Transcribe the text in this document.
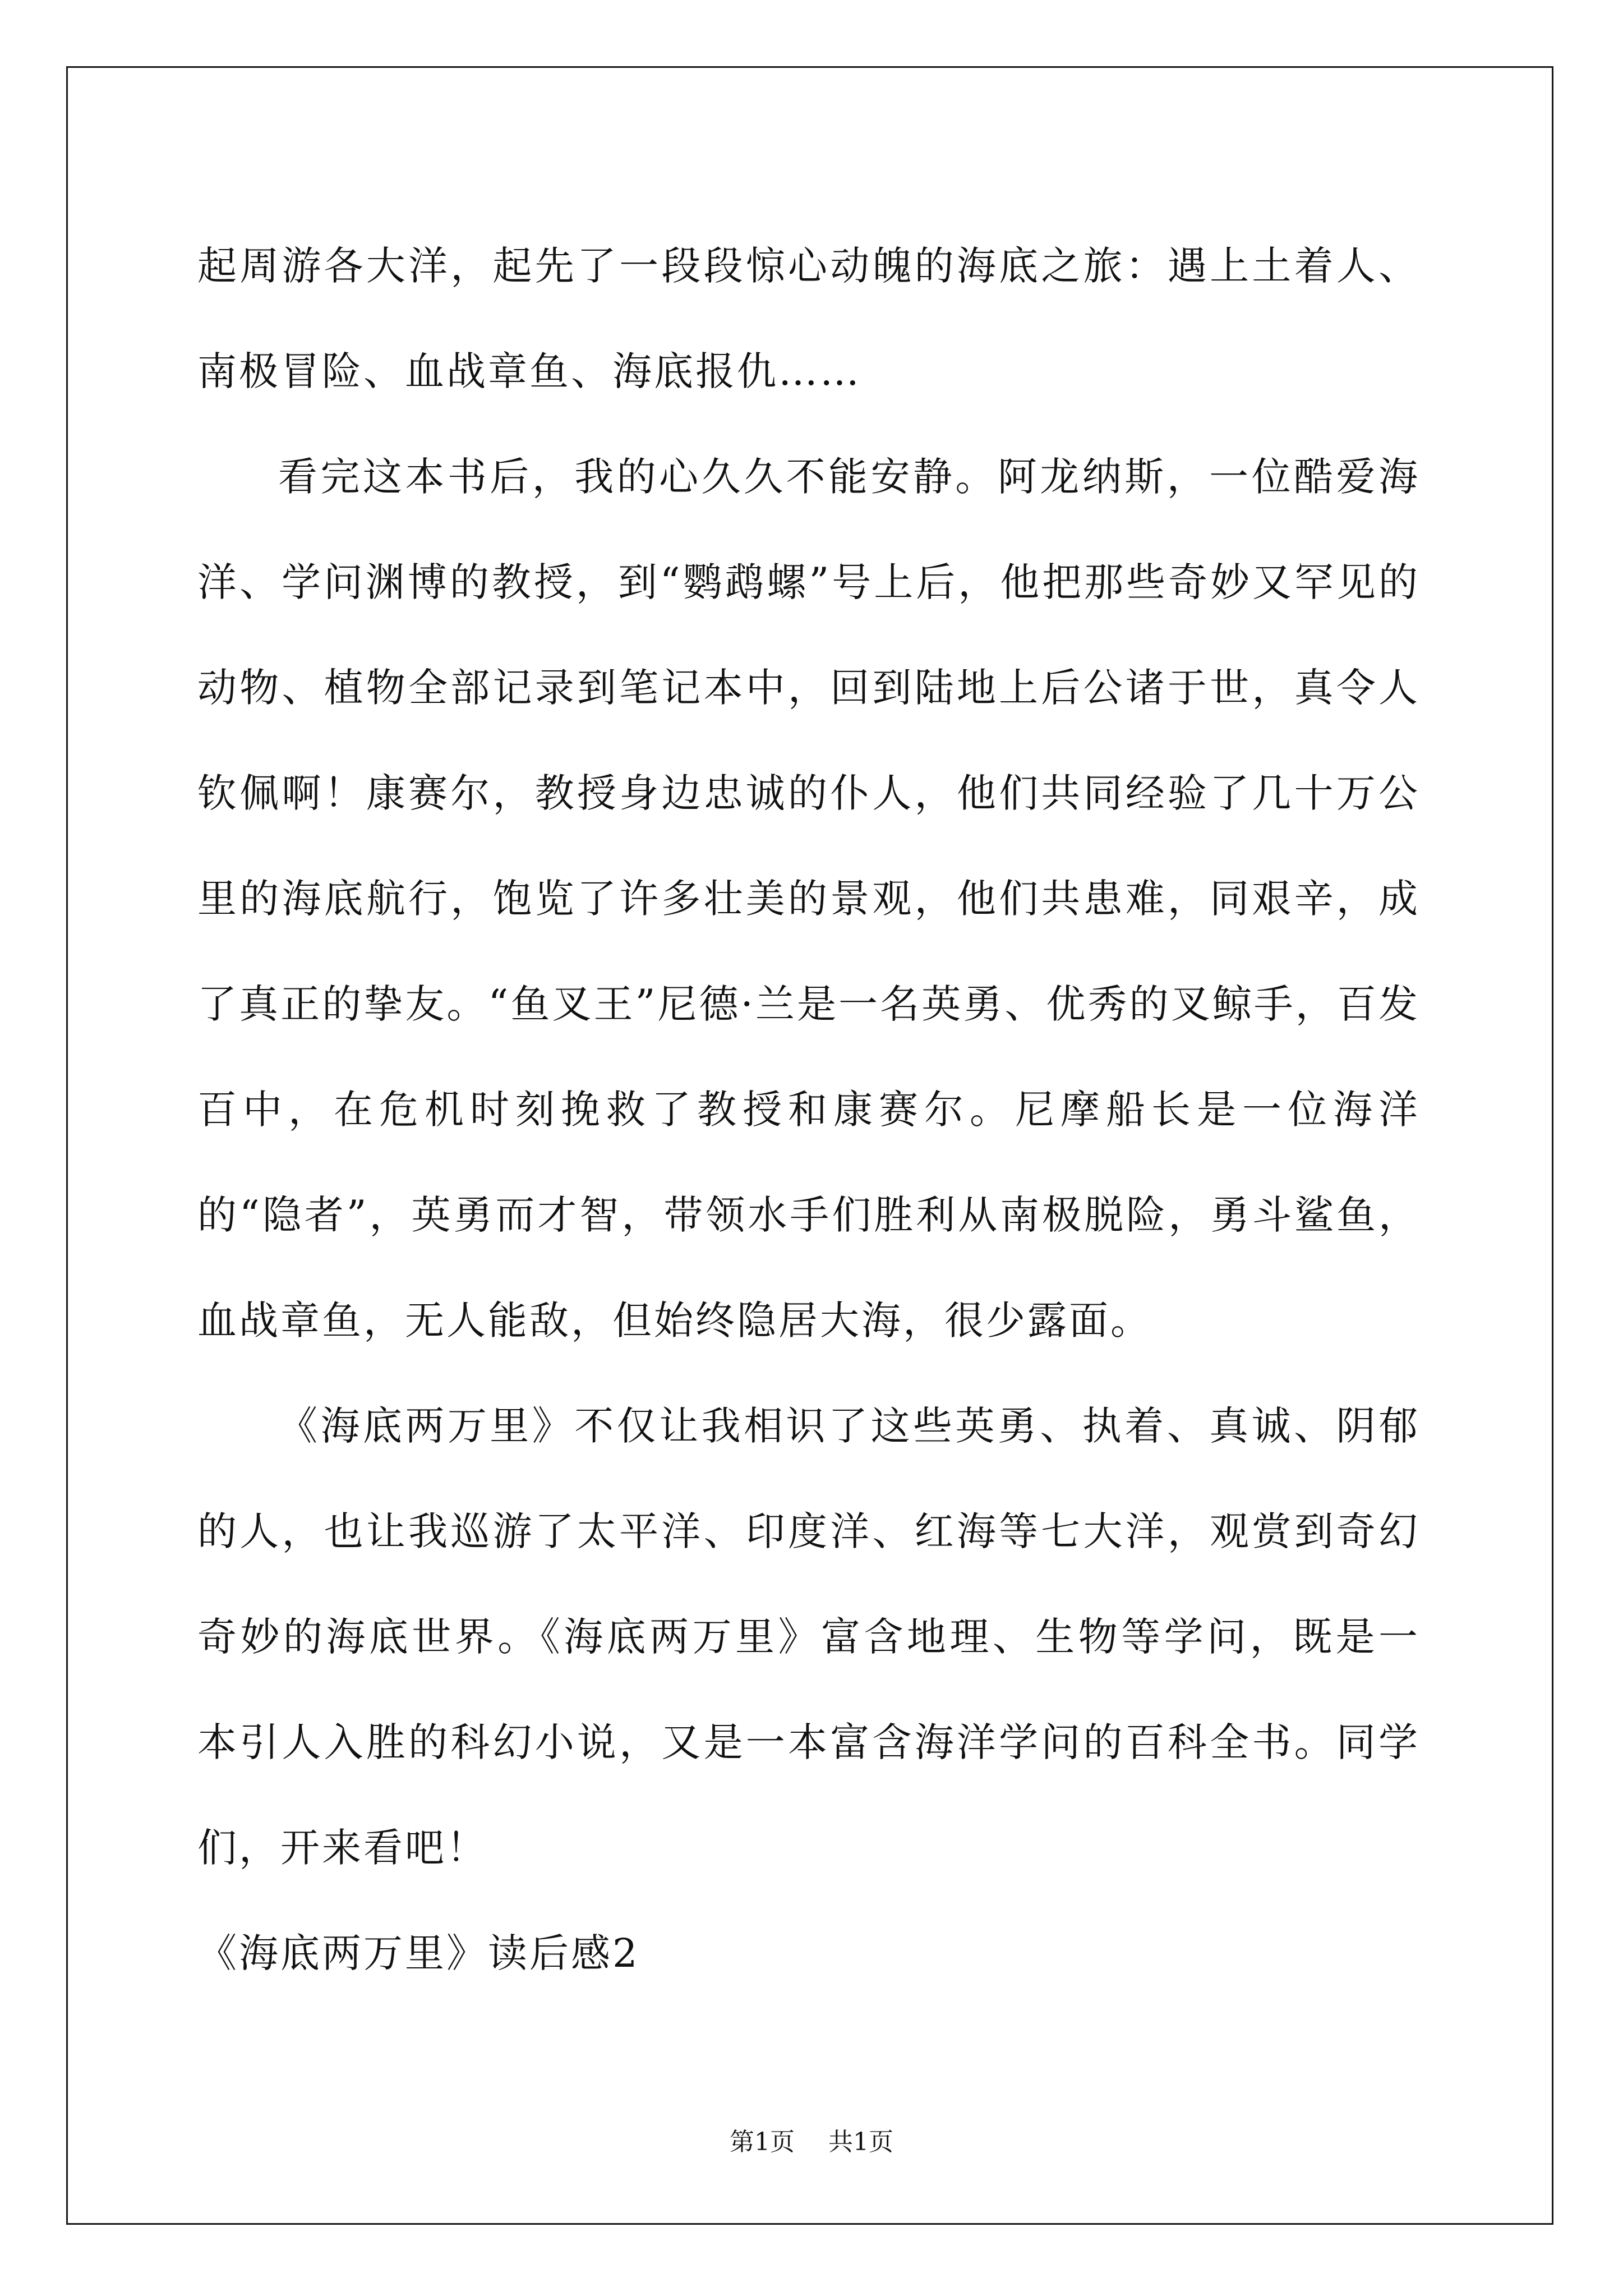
起周游各大洋，起先了一段段惊心动魄的海底之旅：遇上土着人、南极冒险、血战章鱼、海底报仇……

看完这本书后，我的心久久不能安静。阿龙纳斯，一位酷爱海洋、学问渊博的教授，到“鹦鹉螺”号上后，他把那些奇妙又罕见的动物、植物全部记录到笔记本中，回到陆地上后公诸于世，真令人钦佩啊！康赛尔，教授身边忠诚的仆人，他们共同经验了几十万公里的海底航行，饱览了许多壮美的景观，他们共患难，同艰辛，成了真正的挚友。“鱼叉王”尼德·兰是一名英勇、优秀的叉鲸手，百发百中，在危机时刻挽救了教授和康赛尔。尼摩船长是一位海洋的“隐者”，英勇而才智，带领水手们胜利从南极脱险，勇斗鲨鱼，血战章鱼，无人能敌，但始终隐居大海，很少露面。

《海底两万里》不仅让我相识了这些英勇、执着、真诚、阴郁的人，也让我巡游了太平洋、印度洋、红海等七大洋，观赏到奇幻奇妙的海底世界。《海底两万里》富含地理、生物等学问，既是一本引人入胜的科幻小说，又是一本富含海洋学问的百科全书。同学们，开来看吧！

《海底两万里》读后感2

第1页 共1页
